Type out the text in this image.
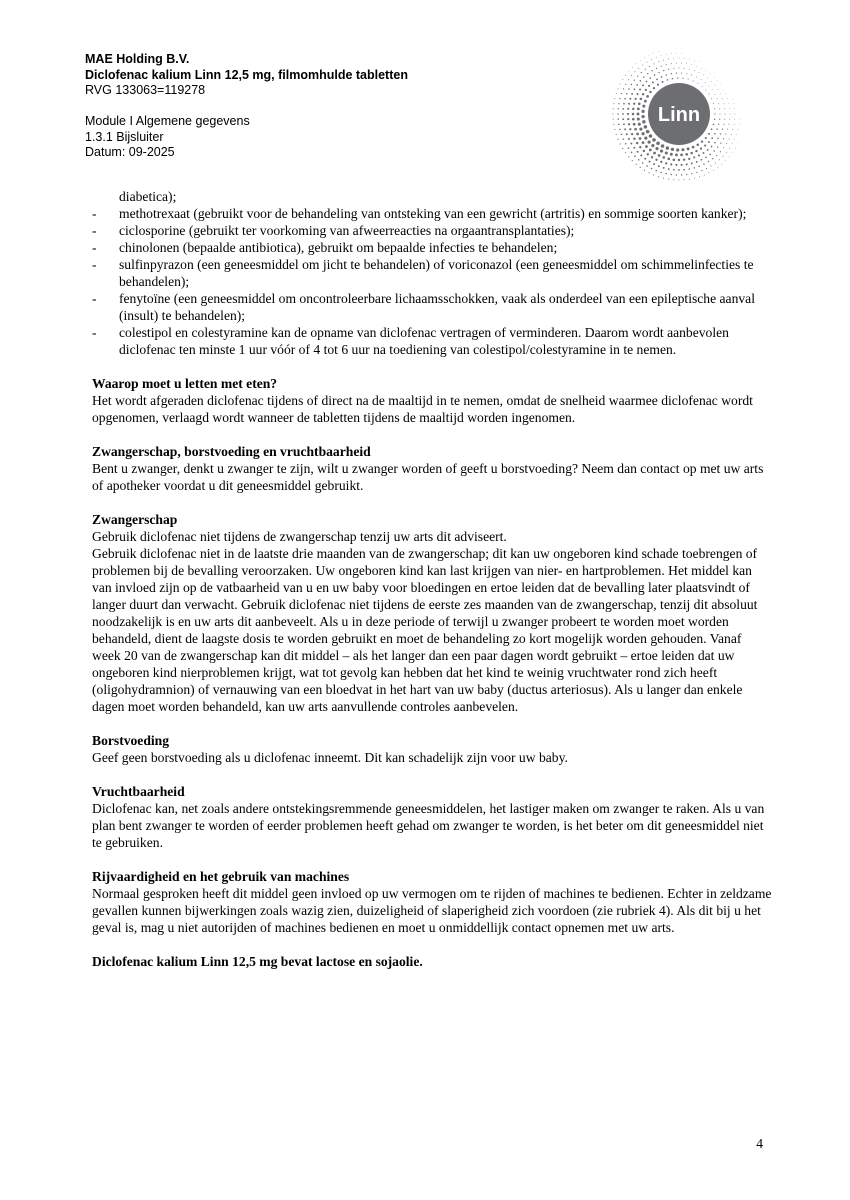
MAE Holding B.V.
Diclofenac kalium Linn 12,5 mg, filmomhulde tabletten
RVG 133063=119278
Module I Algemene gegevens
1.3.1 Bijsluiter
Datum: 09-2025
Linn
diabetica);
- methotrexaat (gebruikt voor de behandeling van ontsteking van een gewricht (artritis) en sommige soorten kanker);
- ciclosporine (gebruikt ter voorkoming van afweerreacties na orgaantransplantaties);
- chinolonen (bepaalde antibiotica), gebruikt om bepaalde infecties te behandelen;
- sulfinpyrazon (een geneesmiddel om jicht te behandelen) of voriconazol (een geneesmiddel om schimmelinfecties te behandelen);
- fenytoïne (een geneesmiddel om oncontroleerbare lichaamsschokken, vaak als onderdeel van een epileptische aanval (insult) te behandelen);
- colestipol en colestyramine kan de opname van diclofenac vertragen of verminderen. Daarom wordt aanbevolen diclofenac ten minste 1 uur vóór of 4 tot 6 uur na toediening van colestipol/colestyramine in te nemen.
Waarop moet u letten met eten?

Het wordt afgeraden diclofenac tijdens of direct na de maaltijd in te nemen, omdat de snelheid waarmee diclofenac wordt opgenomen, verlaagd wordt wanneer de tabletten tijdens de maaltijd worden ingenomen.

Zwangerschap, borstvoeding en vruchtbaarheid

Bent u zwanger, denkt u zwanger te zijn, wilt u zwanger worden of geeft u borstvoeding? Neem dan contact op met uw arts of apotheker voordat u dit geneesmiddel gebruikt.

Zwangerschap

Gebruik diclofenac niet tijdens de zwangerschap tenzij uw arts dit adviseert.

Gebruik diclofenac niet in de laatste drie maanden van de zwangerschap; dit kan uw ongeboren kind schade toebrengen of problemen bij de bevalling veroorzaken. Uw ongeboren kind kan last krijgen van nier- en hartproblemen. Het middel kan van invloed zijn op de vatbaarheid van u en uw baby voor bloedingen en ertoe leiden dat de bevalling later plaatsvindt of langer duurt dan verwacht. Gebruik diclofenac niet tijdens de eerste zes maanden van de zwangerschap, tenzij dit absoluut noodzakelijk is en uw arts dit aanbeveelt. Als u in deze periode of terwijl u zwanger probeert te worden moet worden behandeld, dient de laagste dosis te worden gebruikt en moet de behandeling zo kort mogelijk worden gehouden. Vanaf week 20 van de zwangerschap kan dit middel – als het langer dan een paar dagen wordt gebruikt – ertoe leiden dat uw ongeboren kind nierproblemen krijgt, wat tot gevolg kan hebben dat het kind te weinig vruchtwater rond zich heeft (oligohydramnion) of vernauwing van een bloedvat in het hart van uw baby (ductus arteriosus). Als u langer dan enkele dagen moet worden behandeld, kan uw arts aanvullende controles aanbevelen.

Borstvoeding

Geef geen borstvoeding als u diclofenac inneemt. Dit kan schadelijk zijn voor uw baby.

Vruchtbaarheid

Diclofenac kan, net zoals andere ontstekingsremmende geneesmiddelen, het lastiger maken om zwanger te raken. Als u van plan bent zwanger te worden of eerder problemen heeft gehad om zwanger te worden, is het beter om dit geneesmiddel niet te gebruiken.

Rijvaardigheid en het gebruik van machines

Normaal gesproken heeft dit middel geen invloed op uw vermogen om te rijden of machines te bedienen. Echter in zeldzame gevallen kunnen bijwerkingen zoals wazig zien, duizeligheid of slaperigheid zich voordoen (zie rubriek 4). Als dit bij u het geval is, mag u niet autorijden of machines bedienen en moet u onmiddellijk contact opnemen met uw arts.

Diclofenac kalium Linn 12,5 mg bevat lactose en sojaolie.
4
